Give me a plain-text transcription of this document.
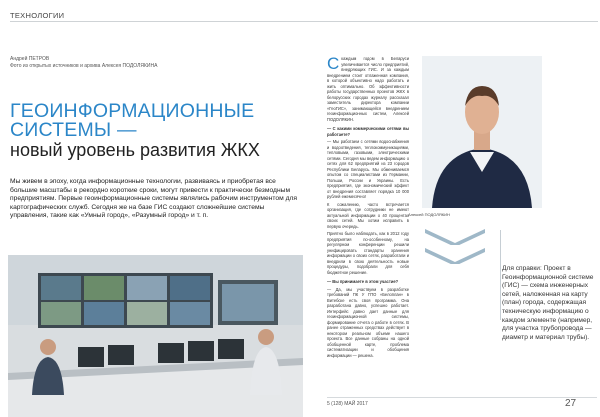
ТЕХНОЛОГИИ
Андрей ПЕТРОВ
Фото из открытых источников и архива Алексея ПОДОЛЯКИНА
ГЕОИНФОРМАЦИОННЫЕ
СИСТЕМЫ —
новый уровень развития ЖКХ
Мы живем в эпоху, когда информационные технологии, развиваясь и приобретая все большие масштабы в рекордно короткие сроки, могут привести к практически безмодным предприятиям. Первые геоинформационные системы являлись рабочим инструментом для картографических служб. Сегодня же на базе ГИС создают сложнейшие системы управления, такие как «Умный город», «Разумный город» и т. п.

Скаждым годом в Беларуси увеличивается число предприятий, внедряющих ГИС. И за каждым внедрением стоит отлаженная компания, в которой объективно надо работать и жить оптимально. Об эффективности работы государственных проектов ЖКХ в белорусских городах журналу рассказал заместитель директора компании «ГеоГИС», занимающейся внедрением геоинформационных систем, Алексей ПОДОЛЯКИН.

— С какими коммерческими сетями вы работаете?

— Мы работаем с сетями водоснабжения и водоотведения, теплокоммуникациями, тепловыми, газовыми, электрическими сетями. Сегодня мы ведем информацию о сетях для 62 предприятий из 23 городов Республики Беларусь. Мы обмениваемся опытом со специалистами из Германии, Польши, России и Украины. Есть предприятия, где экономический эффект от внедрения составляет порядка 10 000 рублей ежемесячно!

К сожалению, часто встречается организация, где сотрудники не имеют актуальной информации о 40 процентах своих сетей. Мы хотим исправить в первую очередь.

Приятно было наблюдать, как в 2012 году предприятия по-особенному, на регулярном конференции решили унифицировать стандарты хранения информации о своих сетях, разработали и внедрили в свою деятельность новые процедуры, подобрали для себя бюджетное решение.

— Вы принимаете в этом участие?

— Да, мы участвуем в разработке требований ПК У ГПО «Белоплан» в Витебске есть своя программа. Она разработана давно, успешно работает. Интерфейс давно дает данные для геоинформационной системы, формирование отчета о работе в сетях. В ранее отраженных средствах действует в некотором реальном объеме нашего проекта. Все данные собраны на одной обобщенной карте, проблема систематизации и обобщения информации — решена.

Алексей ПОДОЛЯКИН
Для справки: Проект в Геоинформационной системе (ГИС) — схема инженерных сетей, наложенная на карту (план) города, содержащая техническую информацию о каждом элементе (например, для участка трубопровода — диаметр и материал трубы).
5 (128) МАЙ 2017	27
